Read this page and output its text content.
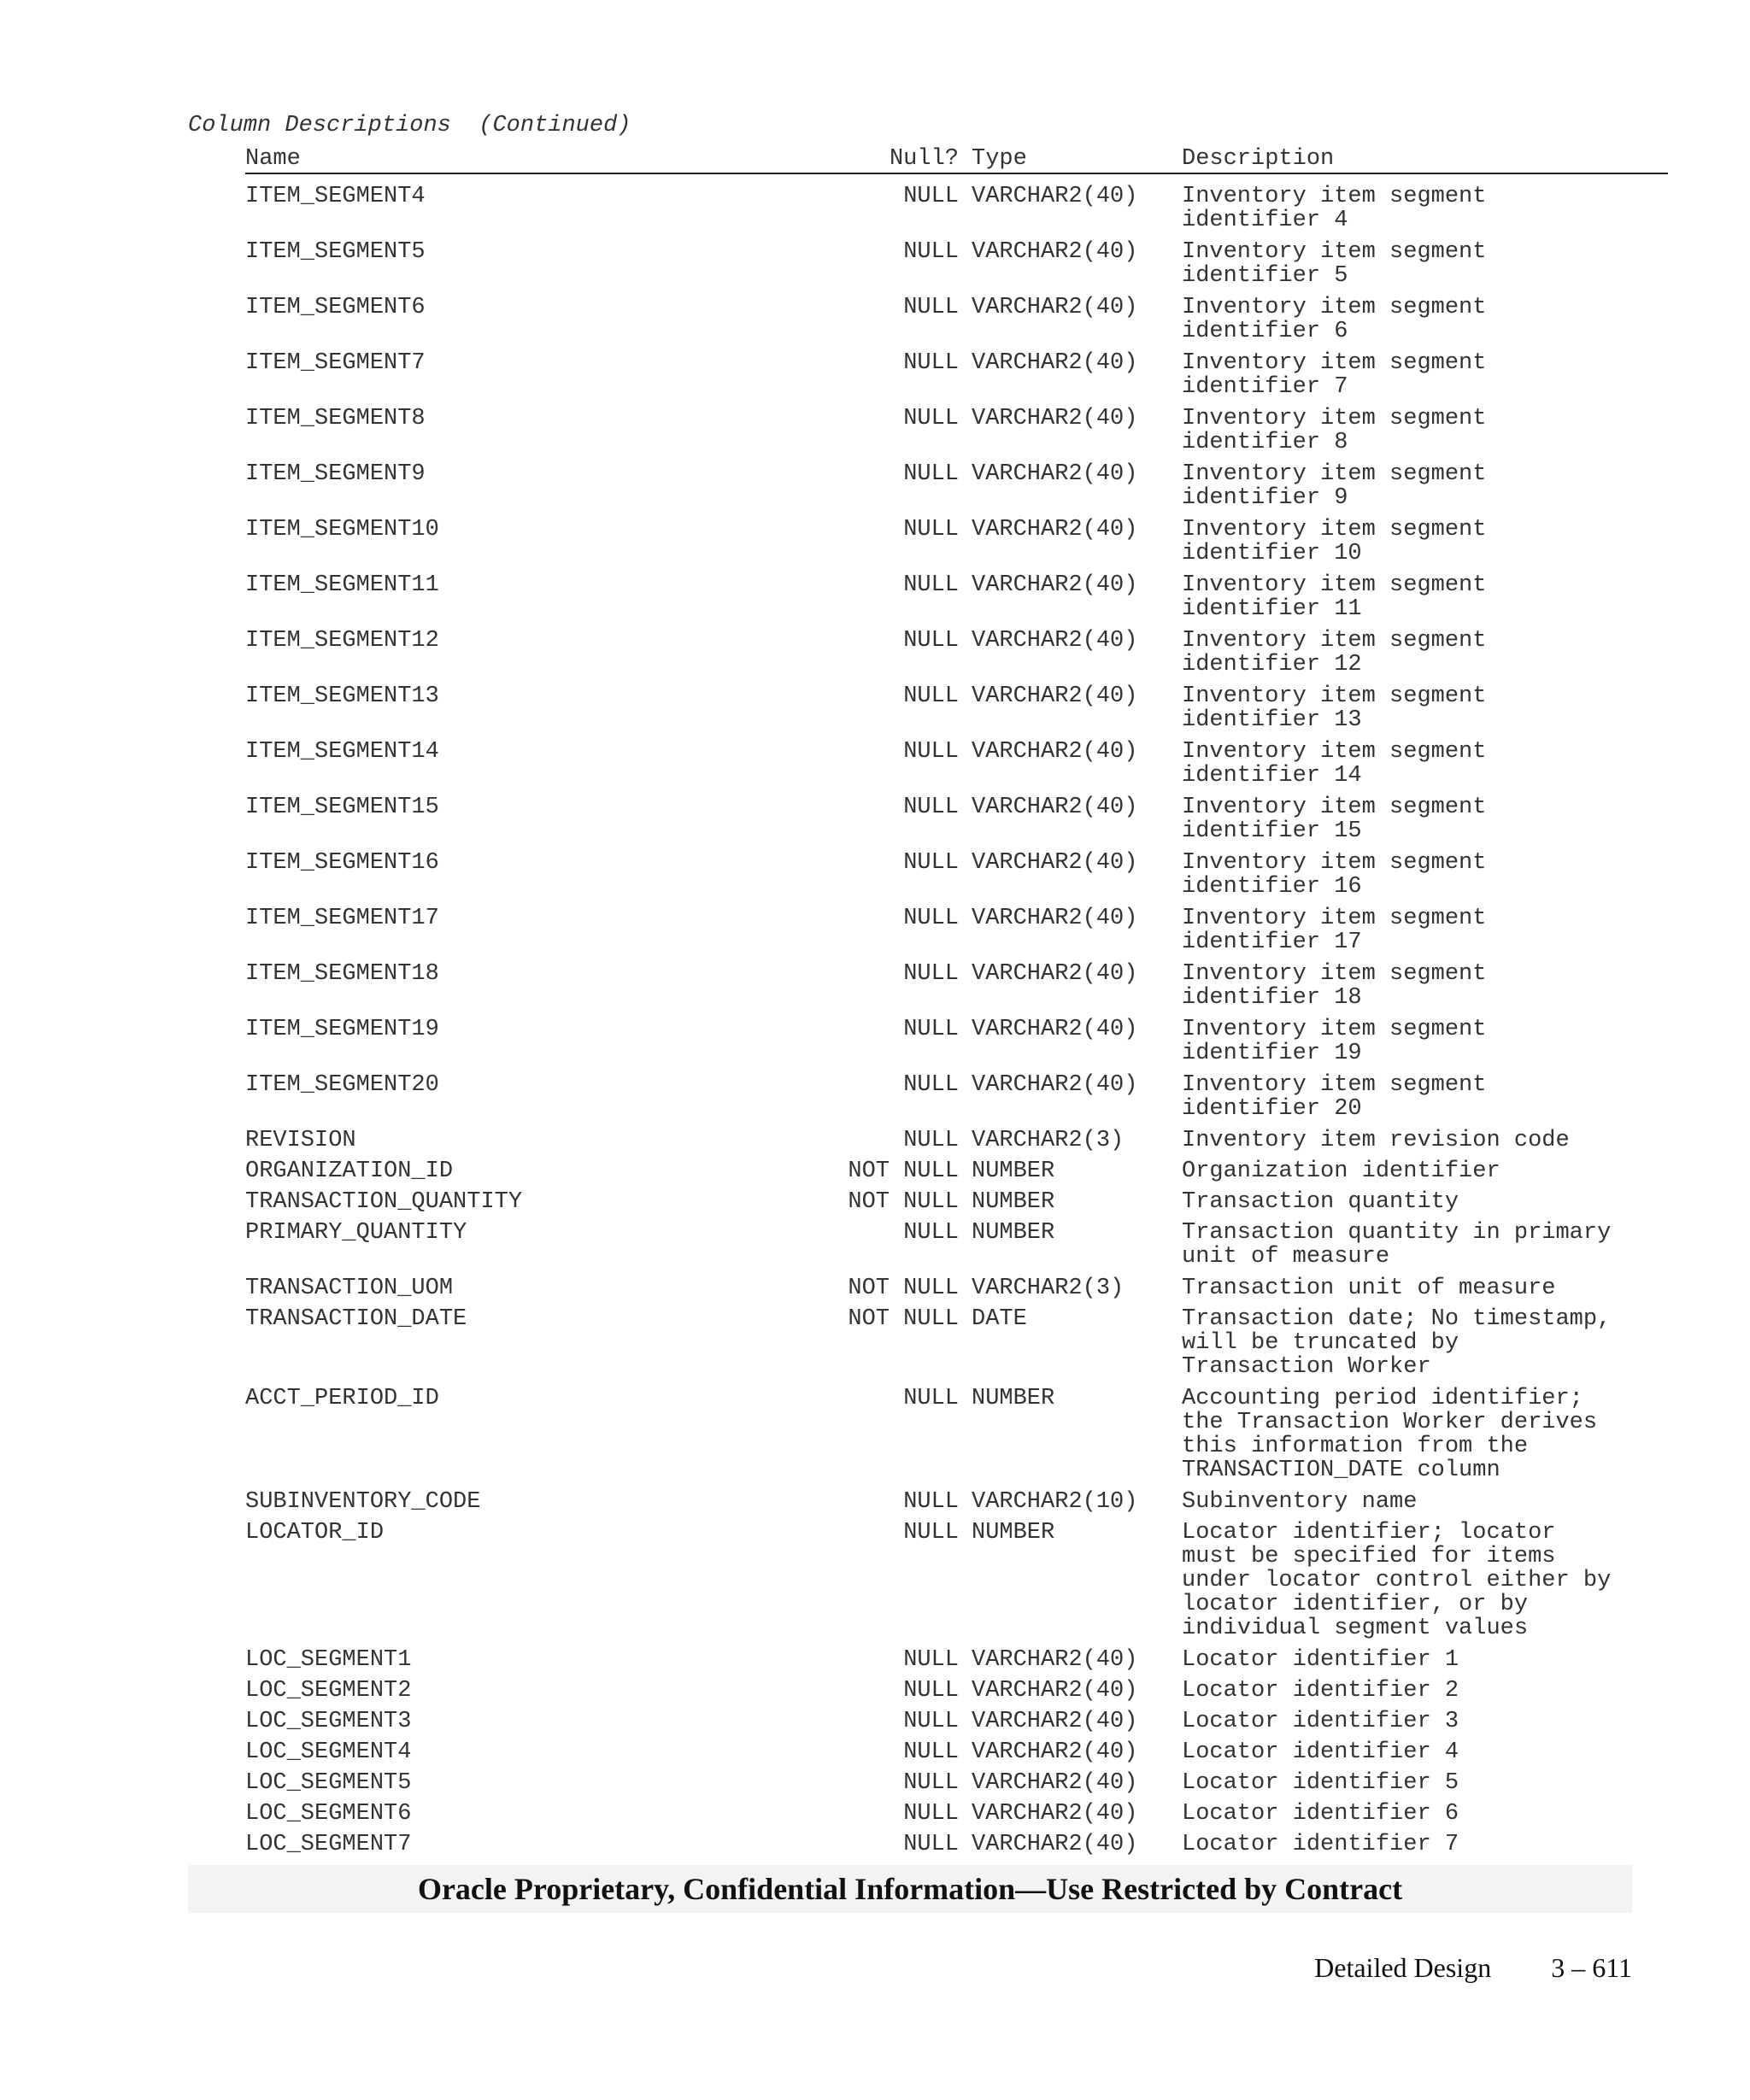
Column Descriptions  (Continued)
Name	Null? Type	Description
ITEM_SEGMENT4	NULL VARCHAR2(40) Inventory item segment
identifier 4
ITEM_SEGMENT5	NULL VARCHAR2(40) Inventory item segment
identifier 5
ITEM_SEGMENT6	NULL VARCHAR2(40) Inventory item segment
identifier 6
ITEM_SEGMENT7	NULL VARCHAR2(40) Inventory item segment
identifier 7
ITEM_SEGMENT8	NULL VARCHAR2(40) Inventory item segment
identifier 8
ITEM_SEGMENT9	NULL VARCHAR2(40) Inventory item segment
identifier 9
ITEM_SEGMENT10	NULL VARCHAR2(40) Inventory item segment
identifier 10
ITEM_SEGMENT11	NULL VARCHAR2(40) Inventory item segment
identifier 11
ITEM_SEGMENT12	NULL VARCHAR2(40) Inventory item segment
identifier 12
ITEM_SEGMENT13	NULL VARCHAR2(40) Inventory item segment
identifier 13
ITEM_SEGMENT14	NULL VARCHAR2(40) Inventory item segment
identifier 14
ITEM_SEGMENT15	NULL VARCHAR2(40) Inventory item segment
identifier 15
ITEM_SEGMENT16	NULL VARCHAR2(40) Inventory item segment
identifier 16
ITEM_SEGMENT17	NULL VARCHAR2(40) Inventory item segment
identifier 17
ITEM_SEGMENT18	NULL VARCHAR2(40) Inventory item segment
identifier 18
ITEM_SEGMENT19	NULL VARCHAR2(40) Inventory item segment
identifier 19
ITEM_SEGMENT20	NULL VARCHAR2(40) Inventory item segment
identifier 20
REVISION	NULL VARCHAR2(3)	Inventory item revision code
ORGANIZATION_ID	NOT NULL NUMBER	Organization identifier
TRANSACTION_QUANTITY	NOT NULL NUMBER	Transaction quantity
PRIMARY_QUANTITY	NULL NUMBER	Transaction quantity in primary
unit of measure
TRANSACTION_UOM	NOT NULL VARCHAR2(3)	Transaction unit of measure
TRANSACTION_DATE	NOT NULL DATE	Transaction date; No timestamp,
will be truncated by
Transaction Worker
ACCT_PERIOD_ID	NULL NUMBER	Accounting period identifier;
the Transaction Worker derives
this information from the
TRANSACTION_DATE column
SUBINVENTORY_CODE	NULL VARCHAR2(10) Subinventory name
LOCATOR_ID	NULL NUMBER	Locator identifier; locator
must be specified for items
under locator control either by
locator identifier, or by
individual segment values
LOC_SEGMENT1	NULL VARCHAR2(40) Locator identifier 1
LOC_SEGMENT2	NULL VARCHAR2(40) Locator identifier 2
LOC_SEGMENT3	NULL VARCHAR2(40) Locator identifier 3
LOC_SEGMENT4	NULL VARCHAR2(40) Locator identifier 4
LOC_SEGMENT5	NULL VARCHAR2(40) Locator identifier 5
LOC_SEGMENT6	NULL VARCHAR2(40) Locator identifier 6
LOC_SEGMENT7	NULL VARCHAR2(40) Locator identifier 7
Oracle Proprietary, Confidential Information––Use Restricted by Contract
Detailed Design 3 – 611
